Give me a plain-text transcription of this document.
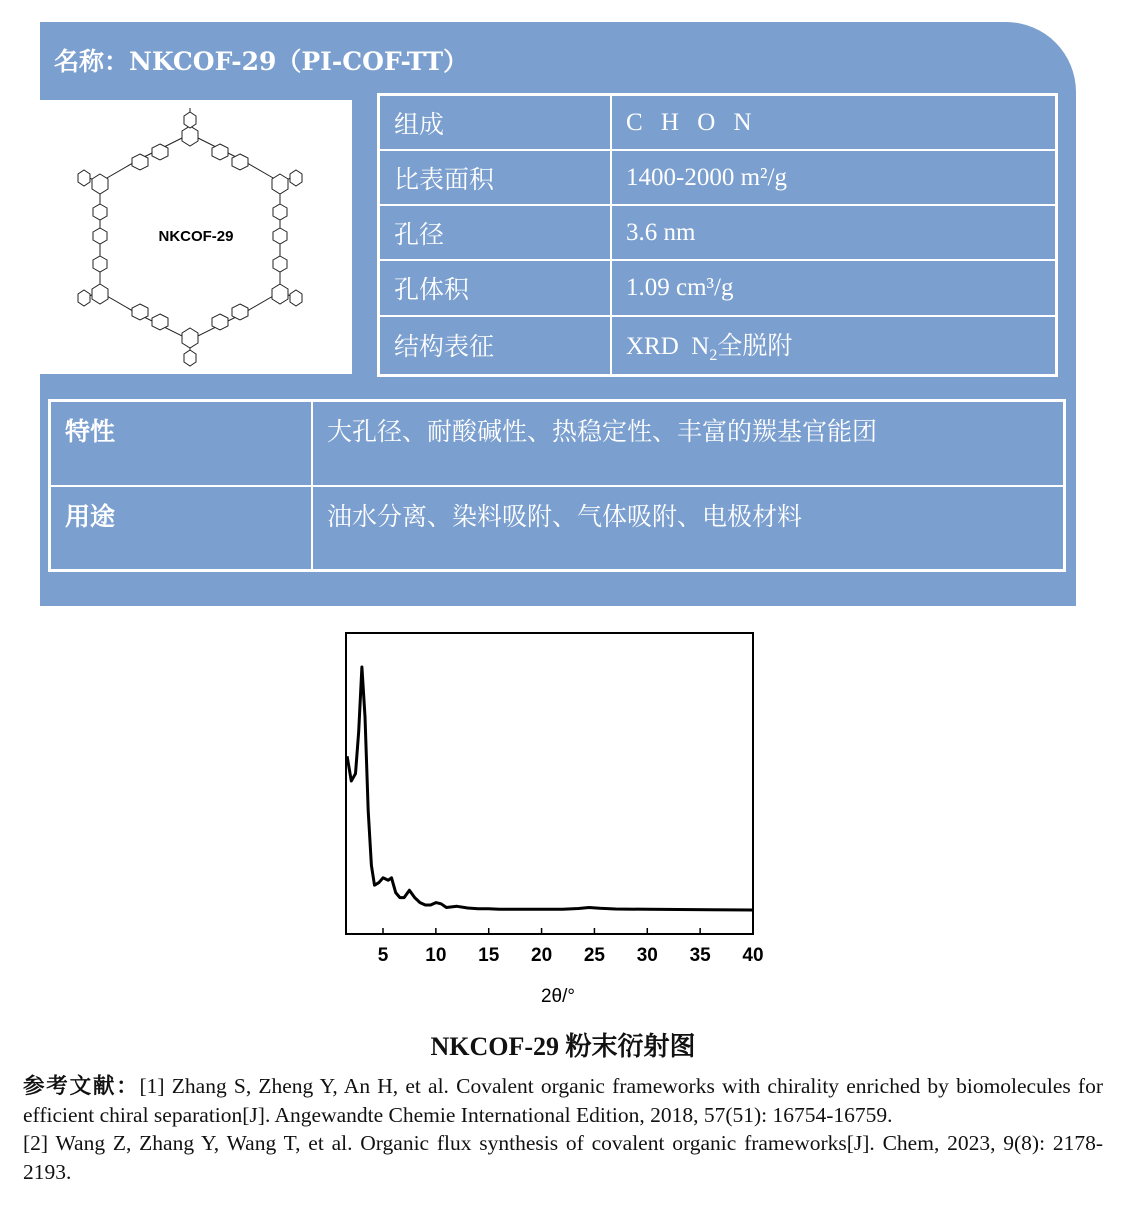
名称：NKCOF-29（PI-COF-TT）
NKCOF-29
组成	C H O N
比表面积	1400-2000 m²/g
孔径	3.6 nm
孔体积	1.09 cm³/g
结构表征	XRD  $N_2$全脱附
特性	大孔径、耐酸碱性、热稳定性、丰富的羰基官能团
用途	油水分离、染料吸附、气体吸附、电极材料
5 10 15 20 25 30 35 40
2θ/°
NKCOF-29 粉末衍射图

参考文献：[1] Zhang S, Zheng Y, An H, et al. Covalent organic frameworks with chirality enriched by biomolecules for efficient chiral separation[J]. Angewandte Chemie International Edition, 2018, 57(51): 16754-16759.

[2] Wang Z, Zhang Y, Wang T, et al. Organic flux synthesis of covalent organic frameworks[J]. Chem, 2023, 9(8): 2178-2193.
